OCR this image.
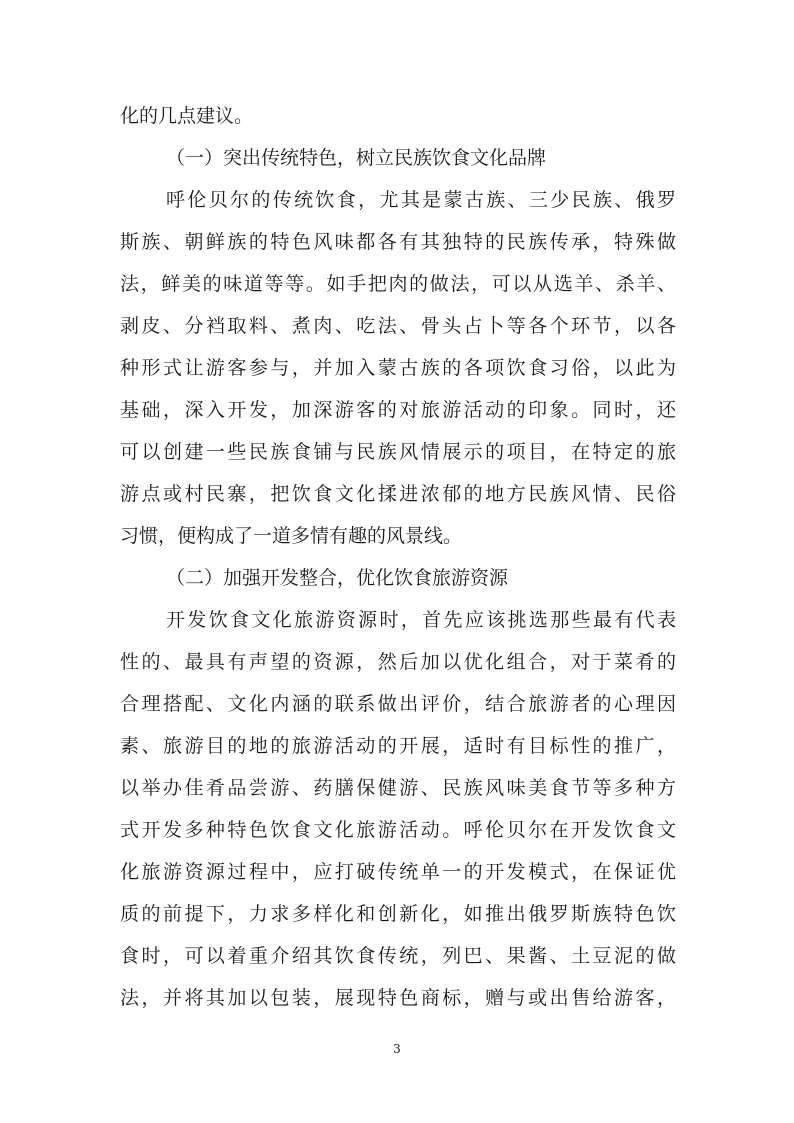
化的几点建议。

（一）突出传统特色，树立民族饮食文化品牌

呼伦贝尔的传统饮食，尤其是蒙古族、三少民族、俄罗

斯族、朝鲜族的特色风味都各有其独特的民族传承，特殊做

法，鲜美的味道等等。如手把肉的做法，可以从选羊、杀羊、

剥皮、分裆取料、煮肉、吃法、骨头占卜等各个环节，以各

种形式让游客参与，并加入蒙古族的各项饮食习俗，以此为

基础，深入开发，加深游客的对旅游活动的印象。同时，还

可以创建一些民族食铺与民族风情展示的项目，在特定的旅

游点或村民寨，把饮食文化揉进浓郁的地方民族风情、民俗

习惯，便构成了一道多情有趣的风景线。

（二）加强开发整合，优化饮食旅游资源

开发饮食文化旅游资源时，首先应该挑选那些最有代表

性的、最具有声望的资源，然后加以优化组合，对于菜肴的

合理搭配、文化内涵的联系做出评价，结合旅游者的心理因

素、旅游目的地的旅游活动的开展，适时有目标性的推广，

以举办佳肴品尝游、药膳保健游、民族风味美食节等多种方

式开发多种特色饮食文化旅游活动。呼伦贝尔在开发饮食文

化旅游资源过程中，应打破传统单一的开发模式，在保证优

质的前提下，力求多样化和创新化，如推出俄罗斯族特色饮

食时，可以着重介绍其饮食传统，列巴、果酱、土豆泥的做

法，并将其加以包装，展现特色商标，赠与或出售给游客，

3
